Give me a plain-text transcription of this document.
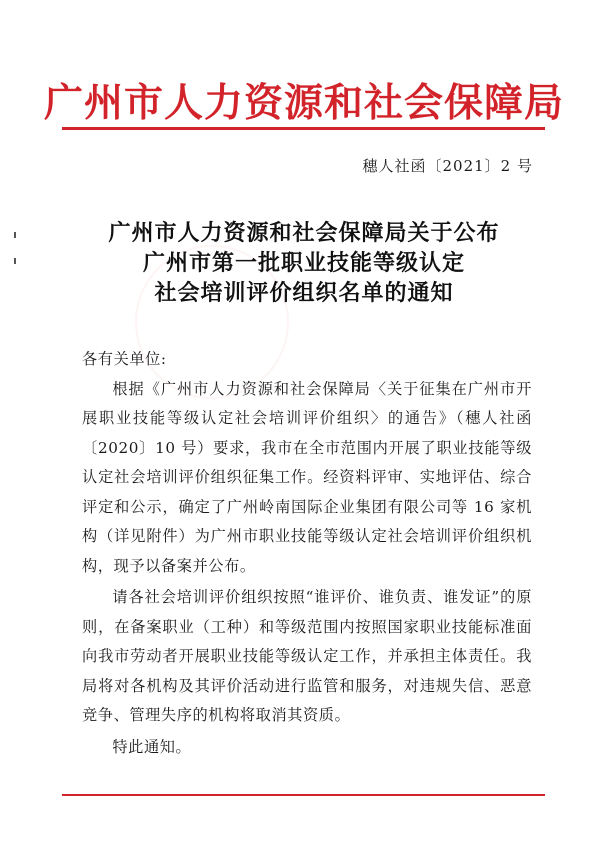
广州市人力资源和社会保障局
穗人社函〔2021〕2 号
广州市人力资源和社会保障局关于公布
广州市第一批职业技能等级认定
社会培训评价组织名单的通知

各有关单位:

根据《广州市人力资源和社会保障局〈关于征集在广州市开展职业技能等级认定社会培训评价组织〉的通告》（穗人社函〔2020〕10 号）要求，我市在全市范围内开展了职业技能等级认定社会培训评价组织征集工作。经资料评审、实地评估、综合评定和公示，确定了广州岭南国际企业集团有限公司等 16 家机构（详见附件）为广州市职业技能等级认定社会培训评价组织机构，现予以备案并公布。

请各社会培训评价组织按照“谁评价、谁负责、谁发证”的原则，在备案职业（工种）和等级范围内按照国家职业技能标准面向我市劳动者开展职业技能等级认定工作，并承担主体责任。我局将对各机构及其评价活动进行监管和服务，对违规失信、恶意竞争、管理失序的机构将取消其资质。

特此通知。
